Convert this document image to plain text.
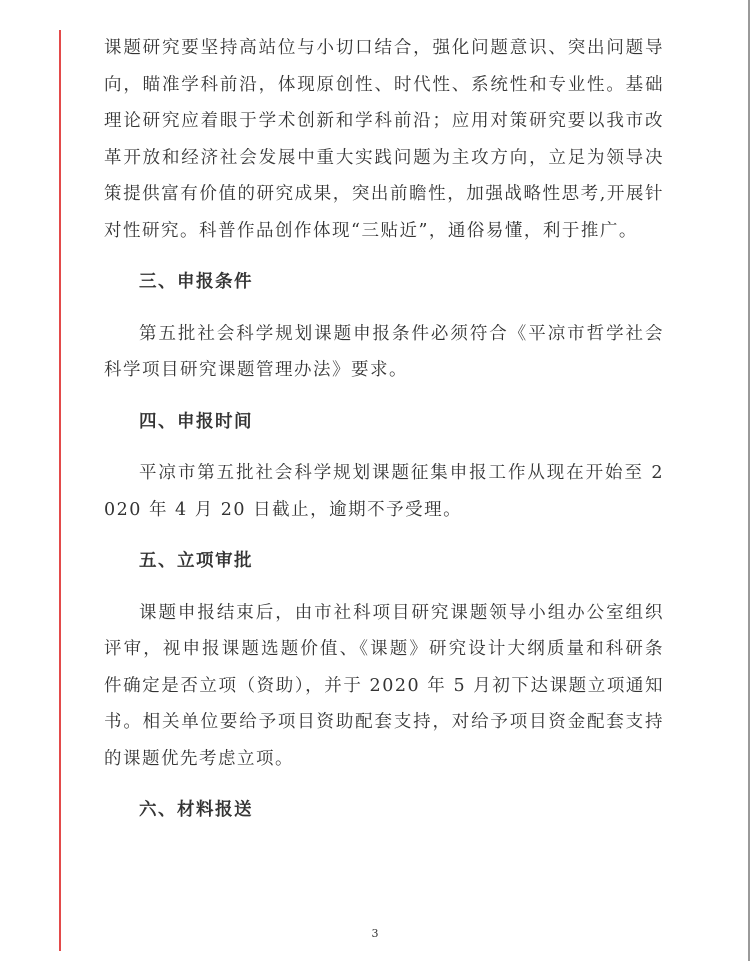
课题研究要坚持高站位与小切口结合，强化问题意识、突出问题导向，瞄准学科前沿，体现原创性、时代性、系统性和专业性。基础理论研究应着眼于学术创新和学科前沿；应用对策研究要以我市改革开放和经济社会发展中重大实践问题为主攻方向，立足为领导决策提供富有价值的研究成果，突出前瞻性，加强战略性思考,开展针对性研究。科普作品创作体现“三贴近”，通俗易懂，利于推广。

三、申报条件

第五批社会科学规划课题申报条件必须符合《平凉市哲学社会科学项目研究课题管理办法》要求。

四、申报时间

平凉市第五批社会科学规划课题征集申报工作从现在开始至 2020 年 4 月 20 日截止，逾期不予受理。

五、立项审批

课题申报结束后，由市社科项目研究课题领导小组办公室组织评审，视申报课题选题价值、《课题》研究设计大纲质量和科研条件确定是否立项（资助），并于 2020 年 5 月初下达课题立项通知书。相关单位要给予项目资助配套支持，对给予项目资金配套支持的课题优先考虑立项。

六、材料报送

3
